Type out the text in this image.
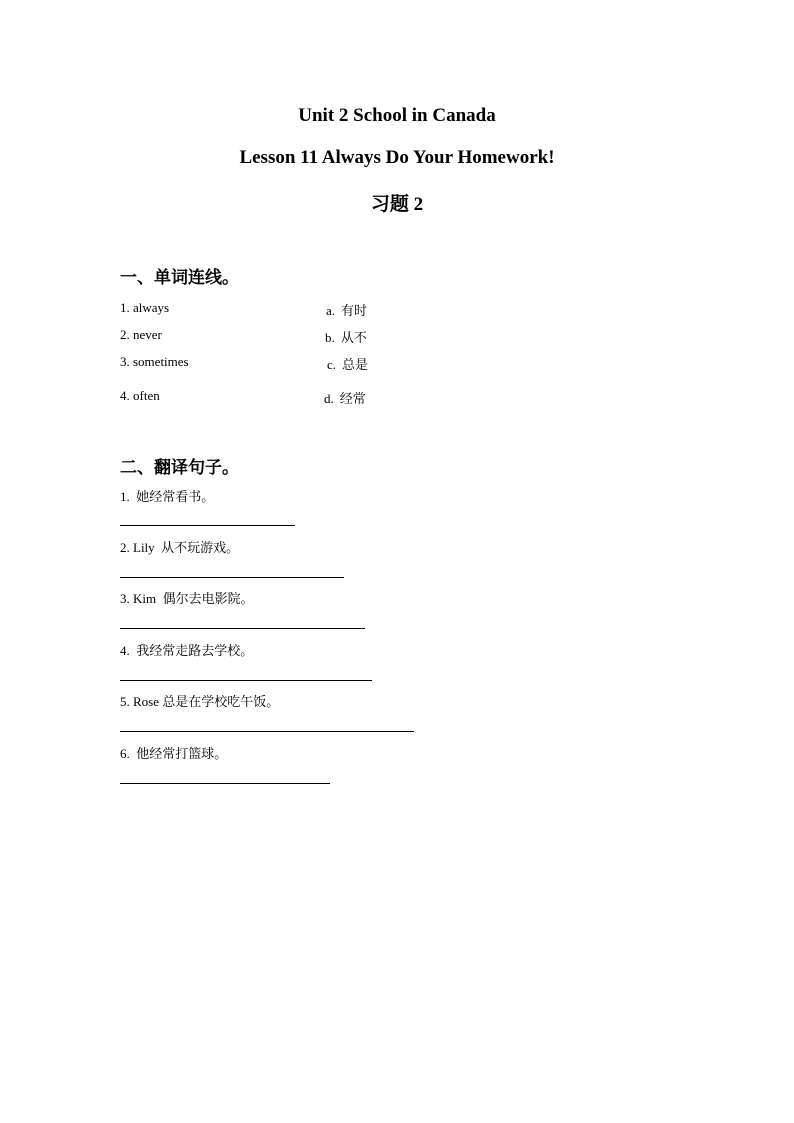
Unit 2 School in Canada
Lesson 11 Always Do Your Homework!
习题 2
一、单词连线。
1. always	a. 有时
2. never	b. 从不
3. sometimes	c. 总是
4. often	d. 经常
二、翻译句子。
1. 她经常看书。
2. Lily 从不玩游戏。
3. Kim 偶尔去电影院。
4. 我经常走路去学校。
5. Rose 总是在学校吃午饭。
6. 他经常打篮球。
